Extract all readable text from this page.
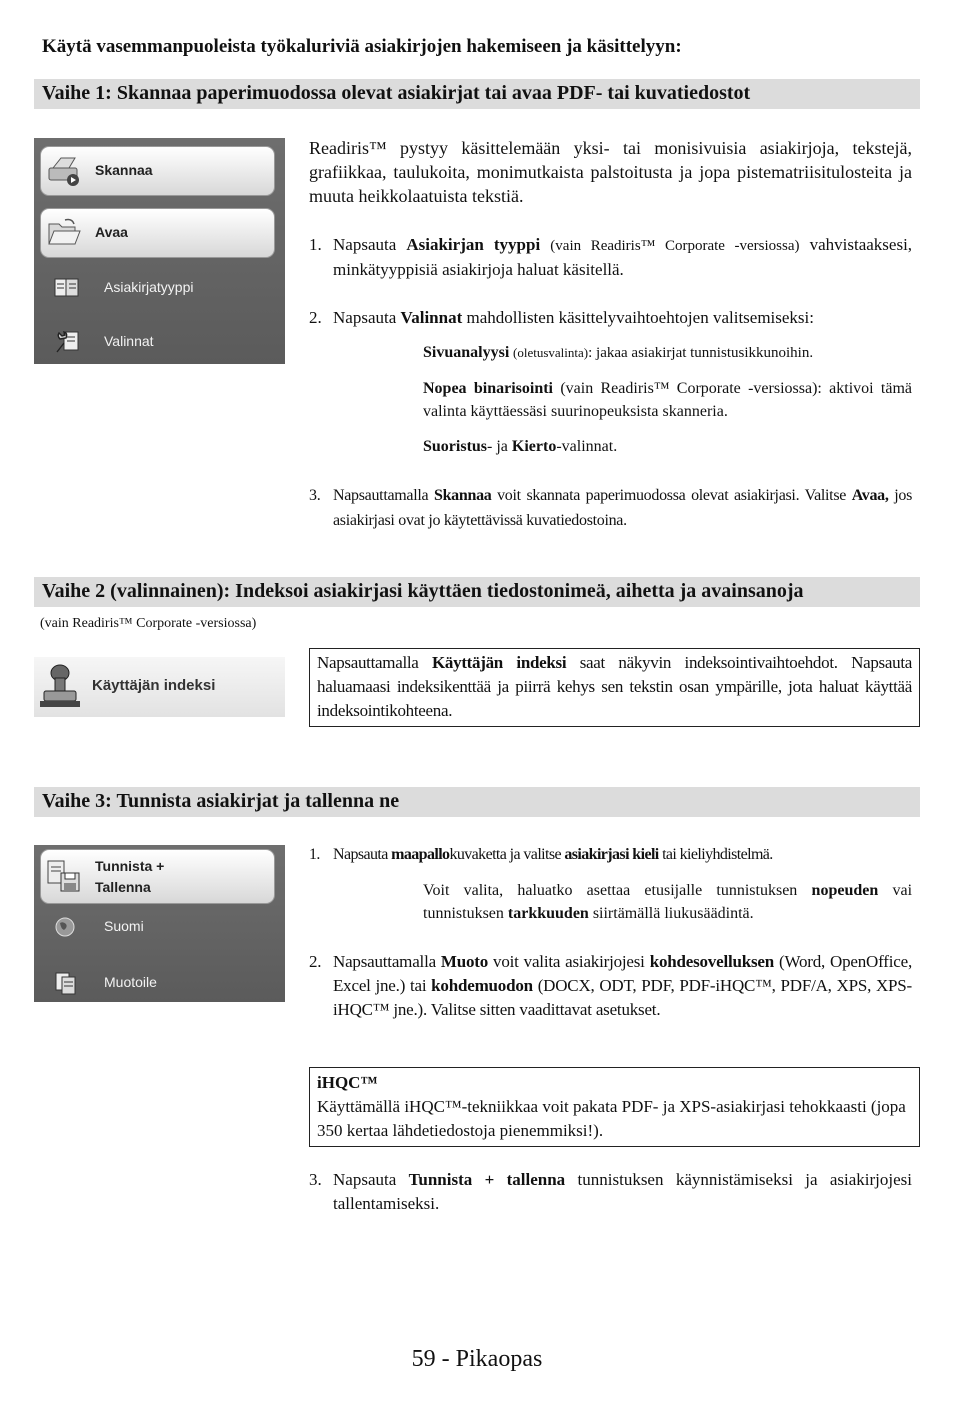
Käytä vasemmanpuoleista työkaluriviä asiakirjojen hakemiseen ja käsittelyyn:
Vaihe 1: Skannaa paperimuodossa olevat asiakirjat tai avaa PDF- tai kuvatiedostot
Skannaa
Avaa
Asiakirjatyyppi
Valinnat
Readiris™ pystyy käsittelemään yksi- tai monisivuisia asiakirjoja, tekstejä, grafiikkaa, taulukoita, monimutkaista palstoitusta ja jopa pistematriisitulosteita ja muuta heikkolaatuista tekstiä.
1. Napsauta Asiakirjan tyyppi (vain Readiris™ Corporate -versiossa) vahvistaaksesi, minkätyyppisiä asiakirjoja haluat käsitellä.
2. Napsauta Valinnat mahdollisten käsittelyvaihtoehtojen valitsemiseksi:
Sivuanalyysi (oletusvalinta): jakaa asiakirjat tunnistusikkunoihin.
Nopea binarisointi (vain Readiris™ Corporate -versiossa): aktivoi tämä valinta käyttäessäsi suurinopeuksista skanneria.
Suoristus- ja Kierto-valinnat.
3. Napsauttamalla Skannaa voit skannata paperimuodossa olevat asiakirjasi. Valitse Avaa, jos asiakirjasi ovat jo käytettävissä kuvatiedostoina.
Vaihe 2 (valinnainen): Indeksoi asiakirjasi käyttäen tiedostonimeä, aihetta ja avainsanoja
(vain Readiris™ Corporate -versiossa)
Käyttäjän indeksi
Napsauttamalla Käyttäjän indeksi saat näkyvin indeksointivaihtoehdot. Napsauta haluamaasi indeksikenttää ja piirrä kehys sen tekstin osan ympärille, jota haluat käyttää indeksointikohteena.
Vaihe 3: Tunnista asiakirjat ja tallenna ne
Tunnista +
Tallenna
Suomi
Muotoile
1. Napsauta maapallokuvaketta ja valitse asiakirjasi kieli tai kieliyhdistelmä.
Voit valita, haluatko asettaa etusijalle tunnistuksen nopeuden vai tunnistuksen tarkkuuden siirtämällä liukusäädintä.
2. Napsauttamalla Muoto voit valita asiakirjojesi kohdesovelluksen (Word, OpenOffice, Excel jne.) tai kohdemuodon (DOCX, ODT, PDF, PDF-iHQC™, PDF/A, XPS, XPS-iHQC™ jne.). Valitse sitten vaadittavat asetukset.
iHQC™
Käyttämällä iHQC™-tekniikkaa voit pakata PDF- ja XPS-asiakirjasi tehokkaasti (jopa 350 kertaa lähdetiedostoja pienemmiksi!).
3. Napsauta Tunnista + tallenna tunnistuksen käynnistämiseksi ja asiakirjojesi tallentamiseksi.
59 - Pikaopas
